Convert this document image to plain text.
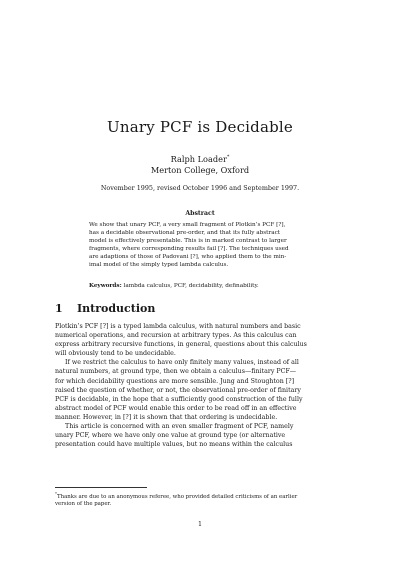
Unary PCF is Decidable
Ralph Loader*
Merton College, Oxford
November 1995, revised October 1996 and September 1997.
Abstract
We show that unary PCF, a very small fragment of Plotkin’s PCF [?],
has a decidable observational pre-order, and that its fully abstract
model is effectively presentable. This is in marked contrast to larger
fragments, where corresponding results fail [?]. The techniques used
are adaptions of those of Padovani [?], who applied them to the min-
imal model of the simply typed lambda calculus.
Keywords: lambda calculus, PCF, decidability, definability.
1 Introduction
Plotkin’s PCF [?] is a typed lambda calculus, with natural numbers and basic
numerical operations, and recursion at arbitrary types. As this calculus can
express arbitrary recursive functions, in general, questions about this calculus
will obviously tend to be undecidable.
If we restrict the calculus to have only finitely many values, instead of all
natural numbers, at ground type, then we obtain a calculus—finitary PCF—
for which decidability questions are more sensible. Jung and Stoughton [?]
raised the question of whether, or not, the observational pre-order of finitary
PCF is decidable, in the hope that a sufficiently good construction of the fully
abstract model of PCF would enable this order to be read off in an effective
manner. However, in [?] it is shown that that ordering is undecidable.
This article is concerned with an even smaller fragment of PCF, namely
unary PCF, where we have only one value at ground type (or alternative
presentation could have multiple values, but no means within the calculus
*Thanks are due to an anonymous referee, who provided detailed criticisms of an earlier
version of the paper.
1
